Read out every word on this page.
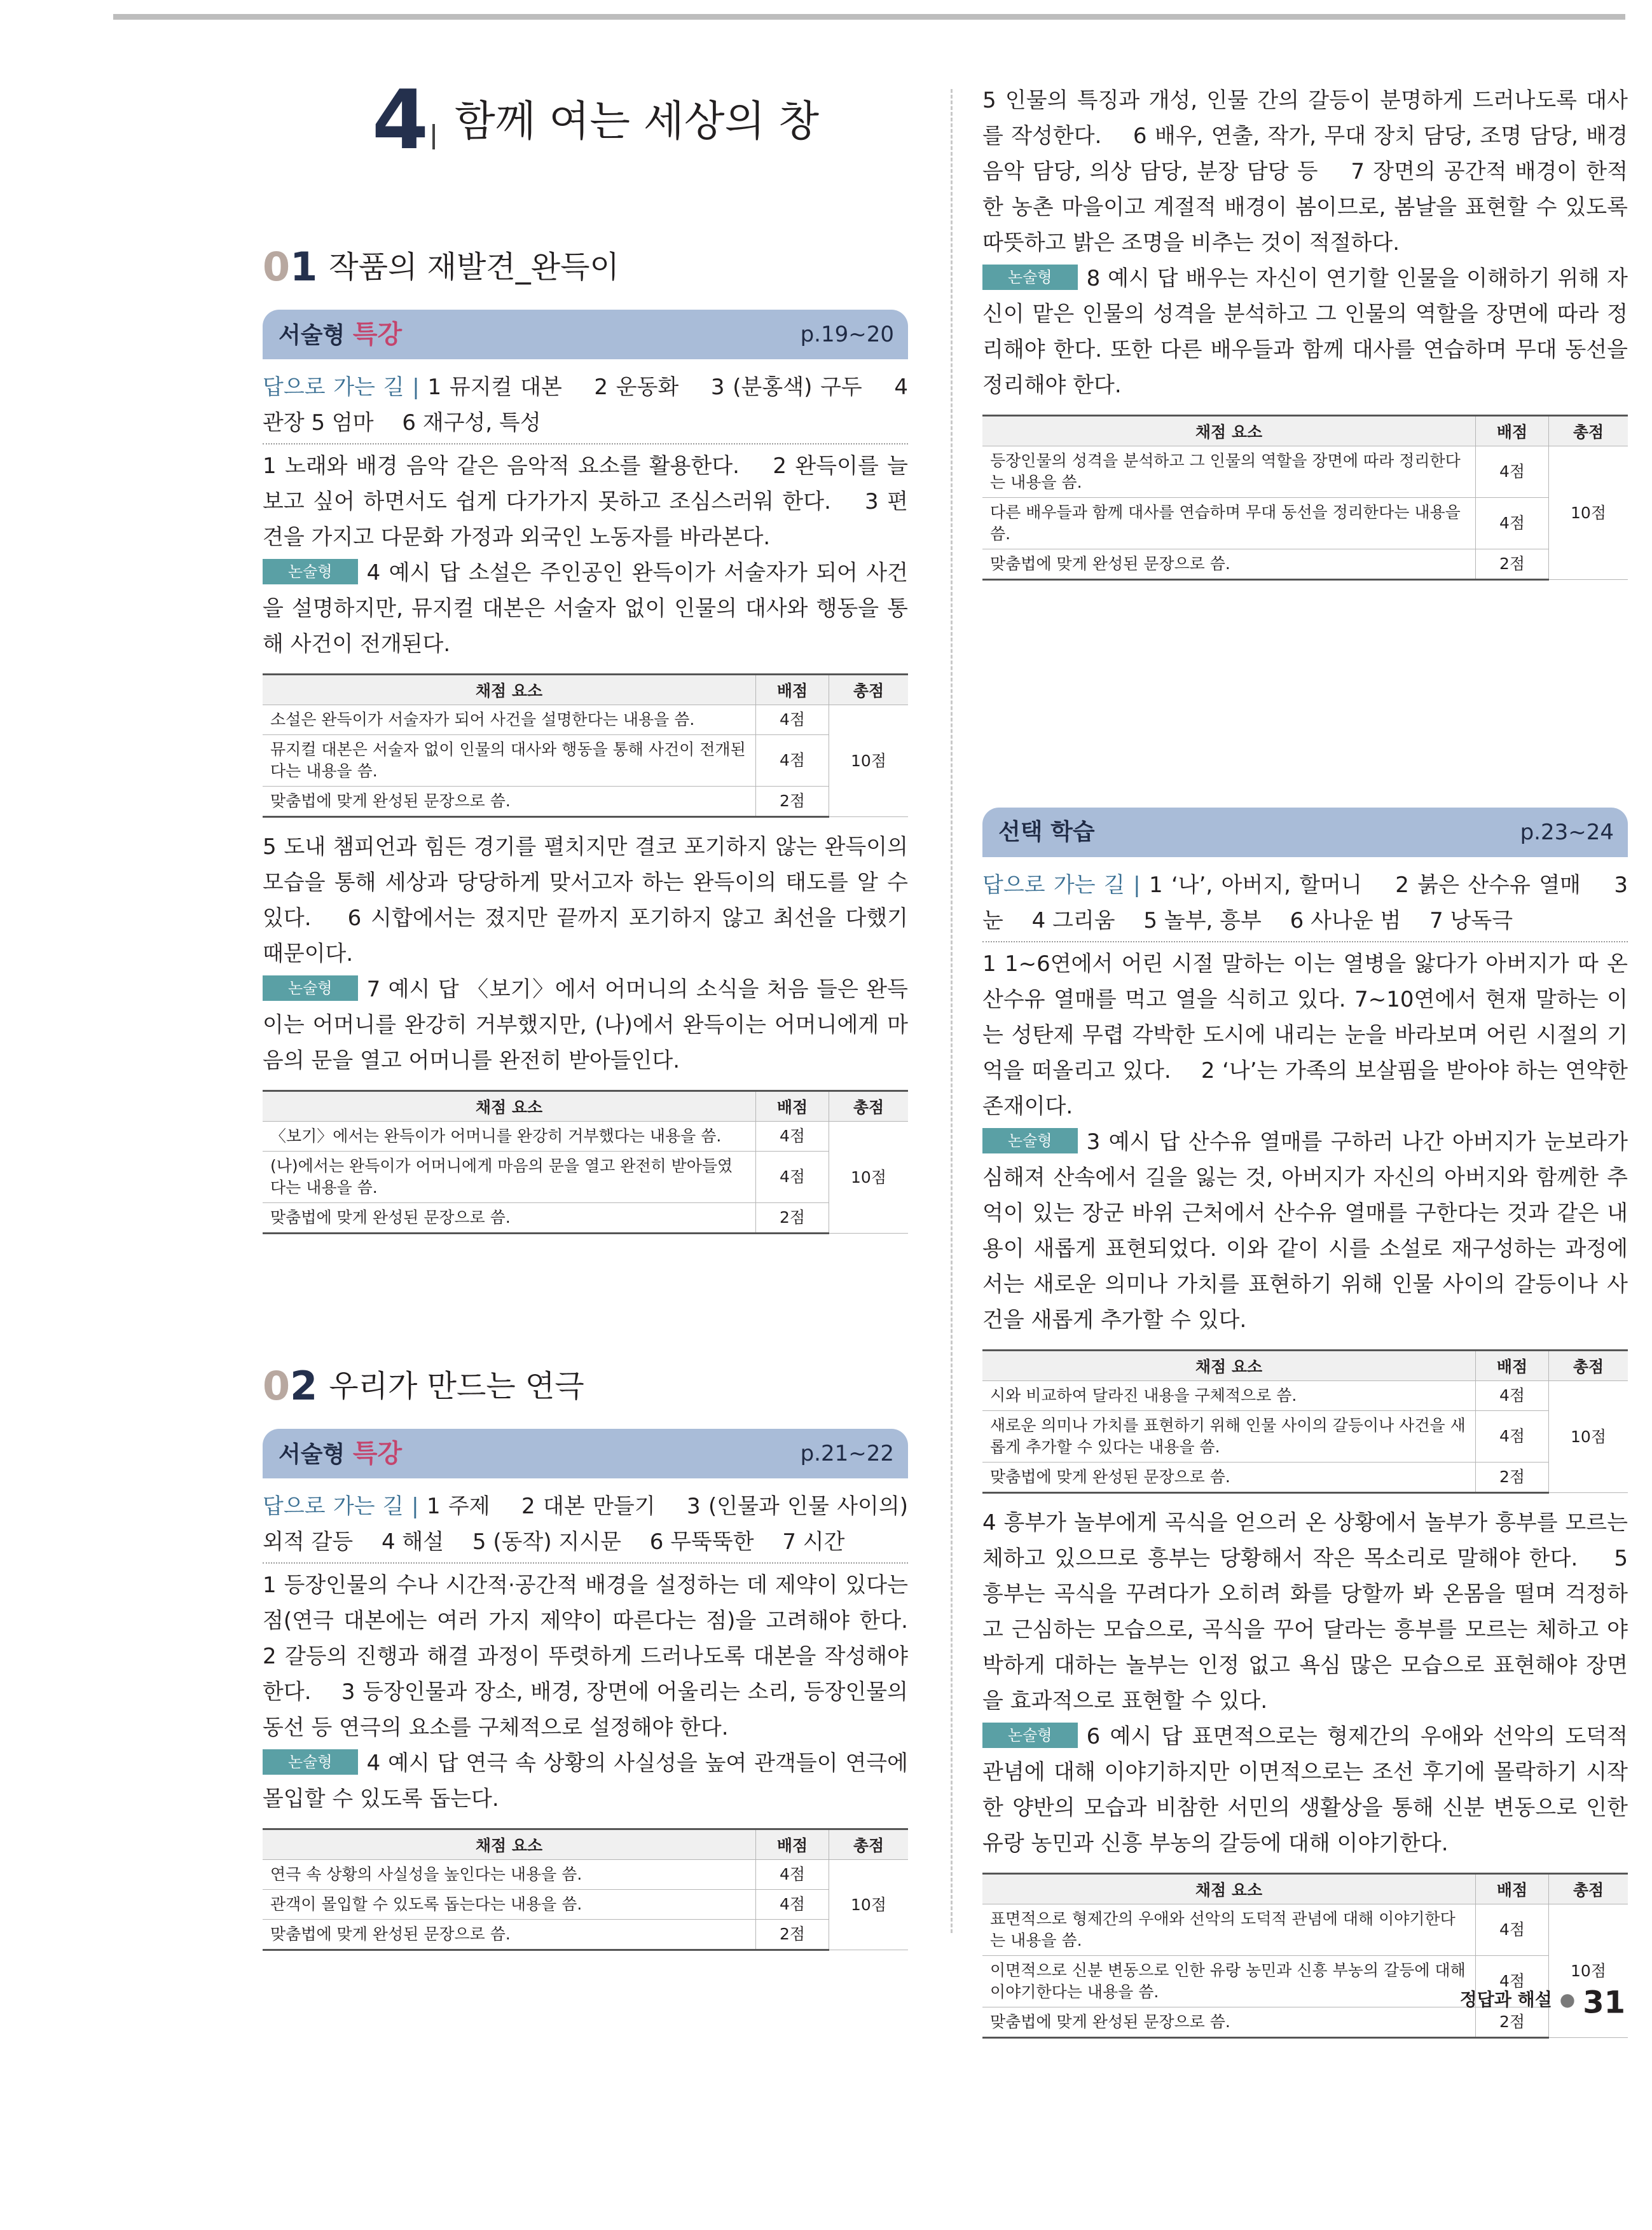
4 함께 여는 세상의 창
01 작품의 재발견_완득이
서술형 특강	p.19~20

답으로 가는 길 | 1 뮤지컬 대본　 2 운동화　 3 (분홍색) 구두　 4 관장 5 엄마　 6 재구성, 특성

1 노래와 배경 음악 같은 음악적 요소를 활용한다.　 2 완득이를 늘 보고 싶어 하면서도 쉽게 다가가지 못하고 조심스러워 한다.　 3 편견을 가지고 다문화 가정과 외국인 노동자를 바라본다.

논술형 4 예시 답 소설은 주인공인 완득이가 서술자가 되어 사건을 설명하지만, 뮤지컬 대본은 서술자 없이 인물의 대사와 행동을 통해 사건이 전개된다.

채점 요소	배점	총점
소설은 완득이가 서술자가 되어 사건을 설명한다는 내용을 씀.	4점	10점
뮤지컬 대본은 서술자 없이 인물의 대사와 행동을 통해 사건이 전개된다는 내용을 씀.	4점	
맞춤법에 맞게 완성된 문장으로 씀.	2점	

5 도내 챔피언과 힘든 경기를 펼치지만 결코 포기하지 않는 완득이의 모습을 통해 세상과 당당하게 맞서고자 하는 완득이의 태도를 알 수 있다.　 6 시합에서는 졌지만 끝까지 포기하지 않고 최선을 다했기 때문이다.

논술형 7 예시 답 〈보기〉에서 어머니의 소식을 처음 들은 완득이는 어머니를 완강히 거부했지만, (나)에서 완득이는 어머니에게 마음의 문을 열고 어머니를 완전히 받아들인다.

채점 요소	배점	총점
〈보기〉에서는 완득이가 어머니를 완강히 거부했다는 내용을 씀.	4점	10점
(나)에서는 완득이가 어머니에게 마음의 문을 열고 완전히 받아들였다는 내용을 씀.	4점	
맞춤법에 맞게 완성된 문장으로 씀.	2점	
02 우리가 만드는 연극
서술형 특강	p.21~22

답으로 가는 길 | 1 주제　 2 대본 만들기　 3 (인물과 인물 사이의) 외적 갈등　 4 해설　 5 (동작) 지시문　 6 무뚝뚝한　 7 시간

1 등장인물의 수나 시간적·공간적 배경을 설정하는 데 제약이 있다는 점(연극 대본에는 여러 가지 제약이 따른다는 점)을 고려해야 한다.　 2 갈등의 진행과 해결 과정이 뚜렷하게 드러나도록 대본을 작성해야 한다.　 3 등장인물과 장소, 배경, 장면에 어울리는 소리, 등장인물의 동선 등 연극의 요소를 구체적으로 설정해야 한다.

논술형 4 예시 답 연극 속 상황의 사실성을 높여 관객들이 연극에 몰입할 수 있도록 돕는다.

채점 요소	배점	총점
연극 속 상황의 사실성을 높인다는 내용을 씀.	4점	10점
관객이 몰입할 수 있도록 돕는다는 내용을 씀.	4점	
맞춤법에 맞게 완성된 문장으로 씀.	2점	

5 인물의 특징과 개성, 인물 간의 갈등이 분명하게 드러나도록 대사를 작성한다.　 6 배우, 연출, 작가, 무대 장치 담당, 조명 담당, 배경 음악 담당, 의상 담당, 분장 담당 등　 7 장면의 공간적 배경이 한적한 농촌 마을이고 계절적 배경이 봄이므로, 봄날을 표현할 수 있도록 따뜻하고 밝은 조명을 비추는 것이 적절하다.

논술형 8 예시 답 배우는 자신이 연기할 인물을 이해하기 위해 자신이 맡은 인물의 성격을 분석하고 그 인물의 역할을 장면에 따라 정리해야 한다. 또한 다른 배우들과 함께 대사를 연습하며 무대 동선을 정리해야 한다.

채점 요소	배점	총점
등장인물의 성격을 분석하고 그 인물의 역할을 장면에 따라 정리한다는 내용을 씀.	4점	10점
다른 배우들과 함께 대사를 연습하며 무대 동선을 정리한다는 내용을 씀.	4점	
맞춤법에 맞게 완성된 문장으로 씀.	2점	
선택 학습	p.23~24

답으로 가는 길 | 1 ‘나’, 아버지, 할머니　 2 붉은 산수유 열매　 3 눈　 4 그리움　 5 놀부, 흥부　 6 사나운 범　 7 낭독극

1 1~6연에서 어린 시절 말하는 이는 열병을 앓다가 아버지가 따 온 산수유 열매를 먹고 열을 식히고 있다. 7~10연에서 현재 말하는 이는 성탄제 무렵 각박한 도시에 내리는 눈을 바라보며 어린 시절의 기억을 떠올리고 있다.　 2 ‘나’는 가족의 보살핌을 받아야 하는 연약한 존재이다.

논술형 3 예시 답 산수유 열매를 구하러 나간 아버지가 눈보라가 심해져 산속에서 길을 잃는 것, 아버지가 자신의 아버지와 함께한 추억이 있는 장군 바위 근처에서 산수유 열매를 구한다는 것과 같은 내용이 새롭게 표현되었다. 이와 같이 시를 소설로 재구성하는 과정에서는 새로운 의미나 가치를 표현하기 위해 인물 사이의 갈등이나 사건을 새롭게 추가할 수 있다.

채점 요소	배점	총점
시와 비교하여 달라진 내용을 구체적으로 씀.	4점	10점
새로운 의미나 가치를 표현하기 위해 인물 사이의 갈등이나 사건을 새롭게 추가할 수 있다는 내용을 씀.	4점	
맞춤법에 맞게 완성된 문장으로 씀.	2점	

4 흥부가 놀부에게 곡식을 얻으러 온 상황에서 놀부가 흥부를 모르는 체하고 있으므로 흥부는 당황해서 작은 목소리로 말해야 한다.　 5 흥부는 곡식을 꾸려다가 오히려 화를 당할까 봐 온몸을 떨며 걱정하고 근심하는 모습으로, 곡식을 꾸어 달라는 흥부를 모르는 체하고 야박하게 대하는 놀부는 인정 없고 욕심 많은 모습으로 표현해야 장면을 효과적으로 표현할 수 있다.

논술형 6 예시 답 표면적으로는 형제간의 우애와 선악의 도덕적 관념에 대해 이야기하지만 이면적으로는 조선 후기에 몰락하기 시작한 양반의 모습과 비참한 서민의 생활상을 통해 신분 변동으로 인한 유랑 농민과 신흥 부농의 갈등에 대해 이야기한다.

채점 요소	배점	총점
표면적으로 형제간의 우애와 선악의 도덕적 관념에 대해 이야기한다는 내용을 씀.	4점	10점
이면적으로 신분 변동으로 인한 유랑 농민과 신흥 부농의 갈등에 대해 이야기한다는 내용을 씀.	4점	
맞춤법에 맞게 완성된 문장으로 씀.	2점	
정답과 해설 ● 31
